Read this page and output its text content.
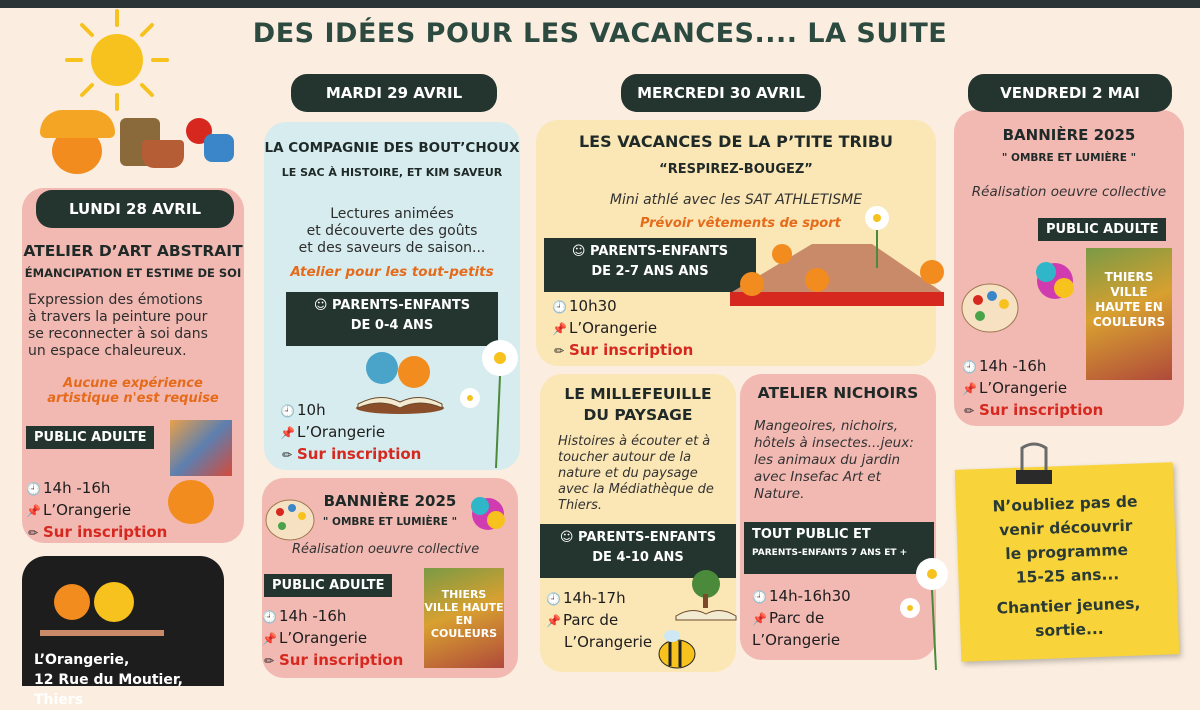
DES IDÉES POUR LES VACANCES.... LA SUITE
LUNDI 28 AVRIL
MARDI 29 AVRIL	MERCREDI 30 AVRIL	VENDREDI 2 MAI
ATELIER D’ART ABSTRAIT
ÉMANCIPATION ET ESTIME DE SOI
Expression des émotions
à travers la peinture pour
se reconnecter à soi dans
un espace chaleureux.
Aucune expérience
artistique n'est requise
PUBLIC ADULTE
🕘 14h -16h
📌 L’Orangerie
✏ Sur inscription
LA COMPAGNIE DES BOUT’CHOUX
LE SAC À HISTOIRE, ET KIM SAVEUR
Lectures animées
et découverte des goûts
et des saveurs de saison...
Atelier pour les tout-petits
☺ PARENTS-ENFANTS
DE 0-4 ANS
🕘 10h
📌 L’Orangerie
✏ Sur inscription
BANNIÈRE 2025
" OMBRE ET LUMIÈRE "
Réalisation oeuvre collective
PUBLIC ADULTE
THIERS VILLE HAUTE EN COULEURS
🕘 14h -16h
📌 L’Orangerie
✏ Sur inscription
LES VACANCES DE LA P’TITE TRIBU
“RESPIREZ-BOUGEZ”
Mini athlé avec les SAT ATHLETISME
Prévoir vêtements de sport
☺ PARENTS-ENFANTS
DE 2-7 ANS ANS
🕘 10h30
📌 L’Orangerie
✏ Sur inscription
LE MILLEFEUILLE
DU PAYSAGE
Histoires à écouter et à
toucher autour de la
nature et du paysage
avec la Médiathèque de
Thiers.
☺ PARENTS-ENFANTS
DE 4-10 ANS
🕘 14h-17h
📌 Parc de
L’Orangerie
ATELIER NICHOIRS
Mangeoires, nichoirs,
hôtels à insectes...jeux:
les animaux du jardin
avec Insefac Art et
Nature.
TOUT PUBLIC ET
PARENTS-ENFANTS 7 ANS ET +
🕘 14h-16h30
📌 Parc de
L’Orangerie
BANNIÈRE 2025
" OMBRE ET LUMIÈRE "
Réalisation oeuvre collective
PUBLIC ADULTE
THIERS VILLE HAUTE EN COULEURS
🕘 14h -16h
📌 L’Orangerie
✏ Sur inscription
N’oubliez pas de
venir découvrir
le programme
15-25 ans...
Chantier jeunes,
sortie...
L’Orangerie,
12 Rue du Moutier, Thiers
